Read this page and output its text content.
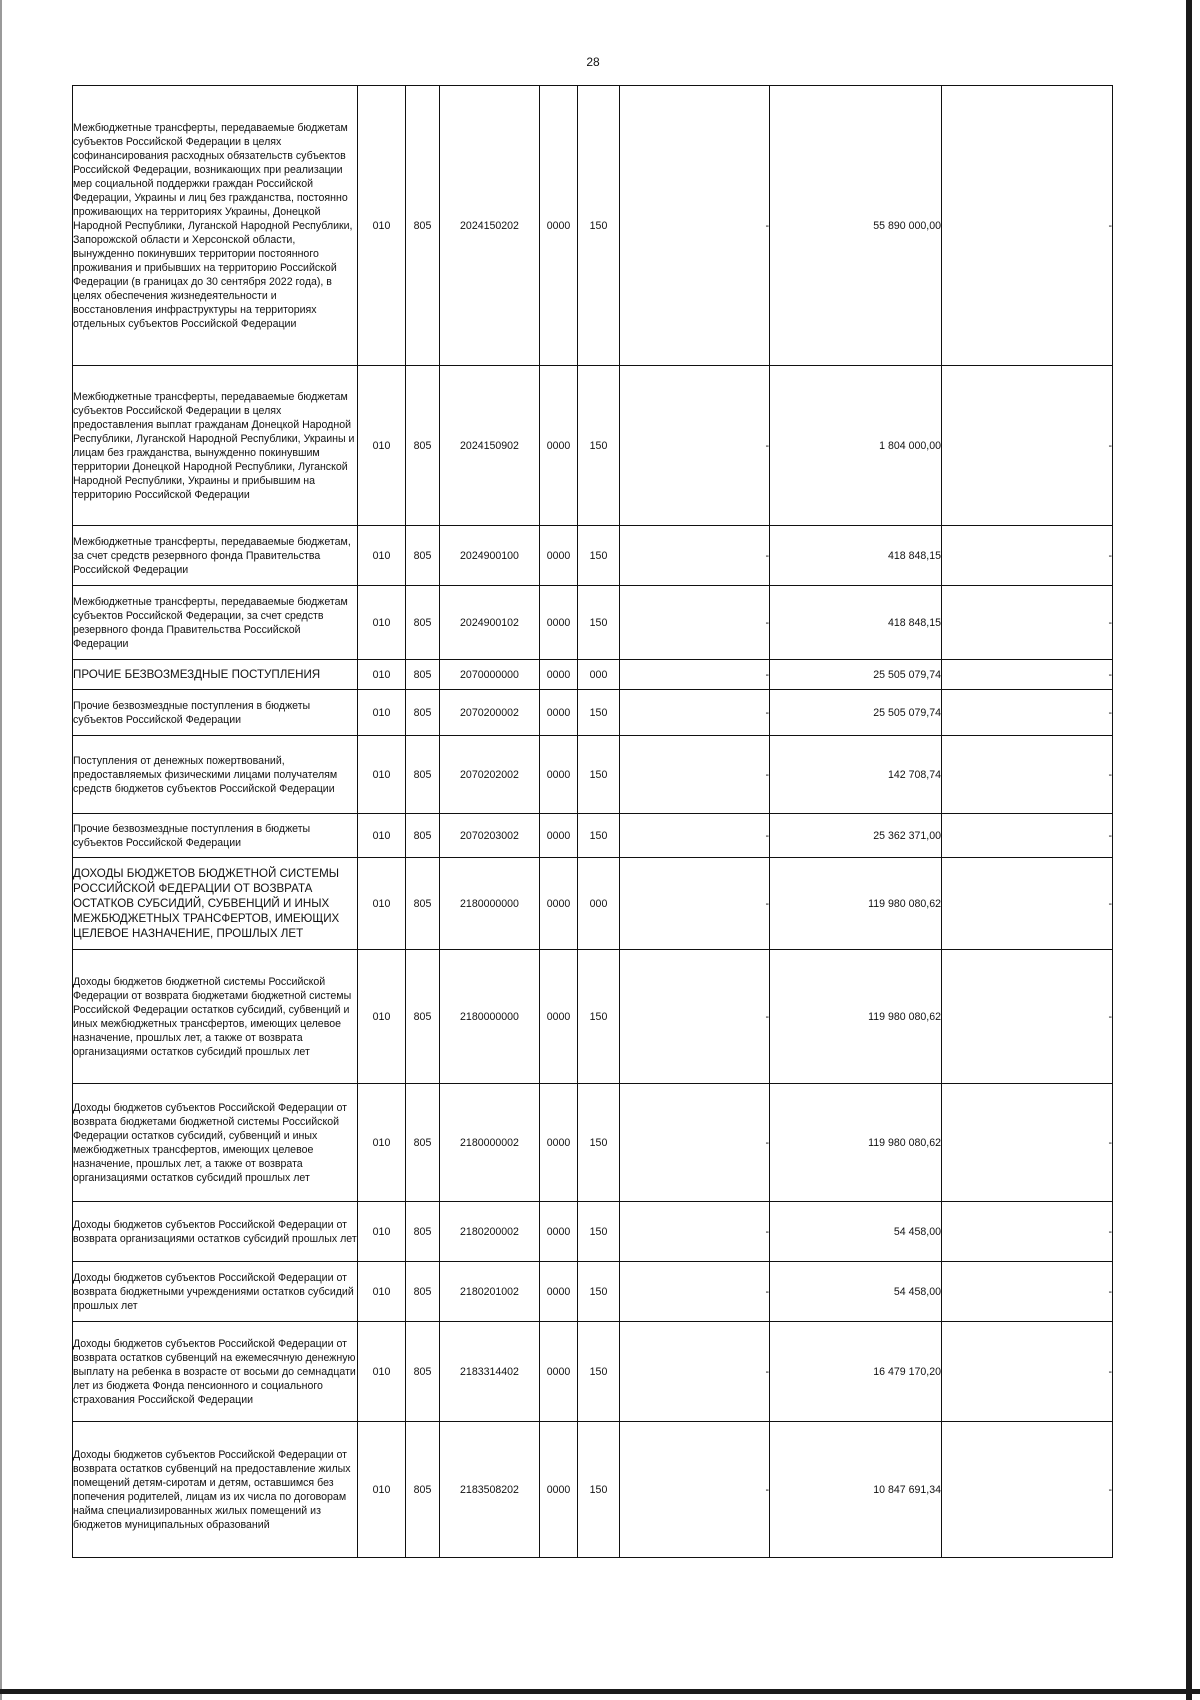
28
Межбюджетные трансферты, передаваемые бюджетам субъектов Российской Федерации в целях софинансирования расходных обязательств субъектов Российской Федерации, возникающих при реализации мер социальной поддержки граждан Российской Федерации, Украины и лиц без гражданства, постоянно проживающих на территориях Украины, Донецкой Народной Республики, Луганской Народной Республики, Запорожской области и Херсонской области, вынужденно покинувших территории постоянного проживания и прибывших на территорию Российской Федерации (в границах до 30 сентября 2022 года), в целях обеспечения жизнедеятельности и восстановления инфраструктуры на территориях отдельных субъектов Российской Федерации	010	805	2024150202	0000	150	-	55 890 000,00	-
Межбюджетные трансферты, передаваемые бюджетам субъектов Российской Федерации в целях предоставления выплат гражданам Донецкой Народной Республики, Луганской Народной Республики, Украины и лицам без гражданства, вынужденно покинувшим территории Донецкой Народной Республики, Луганской Народной Республики, Украины и прибывшим на территорию Российской Федерации	010	805	2024150902	0000	150	-	1 804 000,00	-
Межбюджетные трансферты, передаваемые бюджетам, за счет средств резервного фонда Правительства Российской Федерации	010	805	2024900100	0000	150	-	418 848,15	-
Межбюджетные трансферты, передаваемые бюджетам субъектов Российской Федерации, за счет средств резервного фонда Правительства Российской Федерации	010	805	2024900102	0000	150	-	418 848,15	-
ПРОЧИЕ БЕЗВОЗМЕЗДНЫЕ ПОСТУПЛЕНИЯ	010	805	2070000000	0000	000	-	25 505 079,74	-
Прочие безвозмездные поступления в бюджеты субъектов Российской Федерации	010	805	2070200002	0000	150	-	25 505 079,74	-
Поступления от денежных пожертвований, предоставляемых физическими лицами получателям средств бюджетов субъектов Российской Федерации	010	805	2070202002	0000	150	-	142 708,74	-
Прочие безвозмездные поступления в бюджеты субъектов Российской Федерации	010	805	2070203002	0000	150	-	25 362 371,00	-
ДОХОДЫ БЮДЖЕТОВ БЮДЖЕТНОЙ СИСТЕМЫ РОССИЙСКОЙ ФЕДЕРАЦИИ ОТ ВОЗВРАТА ОСТАТКОВ СУБСИДИЙ, СУБВЕНЦИЙ И ИНЫХ МЕЖБЮДЖЕТНЫХ ТРАНСФЕРТОВ, ИМЕЮЩИХ ЦЕЛЕВОЕ НАЗНАЧЕНИЕ, ПРОШЛЫХ ЛЕТ	010	805	2180000000	0000	000	-	119 980 080,62	-
Доходы бюджетов бюджетной системы Российской Федерации от возврата бюджетами бюджетной системы Российской Федерации остатков субсидий, субвенций и иных межбюджетных трансфертов, имеющих целевое назначение, прошлых лет, а также от возврата организациями остатков субсидий прошлых лет	010	805	2180000000	0000	150	-	119 980 080,62	-
Доходы бюджетов субъектов Российской Федерации от возврата бюджетами бюджетной системы Российской Федерации остатков субсидий, субвенций и иных межбюджетных трансфертов, имеющих целевое назначение, прошлых лет, а также от возврата организациями остатков субсидий прошлых лет	010	805	2180000002	0000	150	-	119 980 080,62	-
Доходы бюджетов субъектов Российской Федерации от возврата организациями остатков субсидий прошлых лет	010	805	2180200002	0000	150	-	54 458,00	-
Доходы бюджетов субъектов Российской Федерации от возврата бюджетными учреждениями остатков субсидий прошлых лет	010	805	2180201002	0000	150	-	54 458,00	-
Доходы бюджетов субъектов Российской Федерации от возврата остатков субвенций на ежемесячную денежную выплату на ребенка в возрасте от восьми до семнадцати лет из бюджета Фонда пенсионного и социального страхования Российской Федерации	010	805	2183314402	0000	150	-	16 479 170,20	-
Доходы бюджетов субъектов Российской Федерации от возврата остатков субвенций на предоставление жилых помещений детям-сиротам и детям, оставшимся без попечения родителей, лицам из их числа по договорам найма специализированных жилых помещений из бюджетов муниципальных образований	010	805	2183508202	0000	150	-	10 847 691,34	-
